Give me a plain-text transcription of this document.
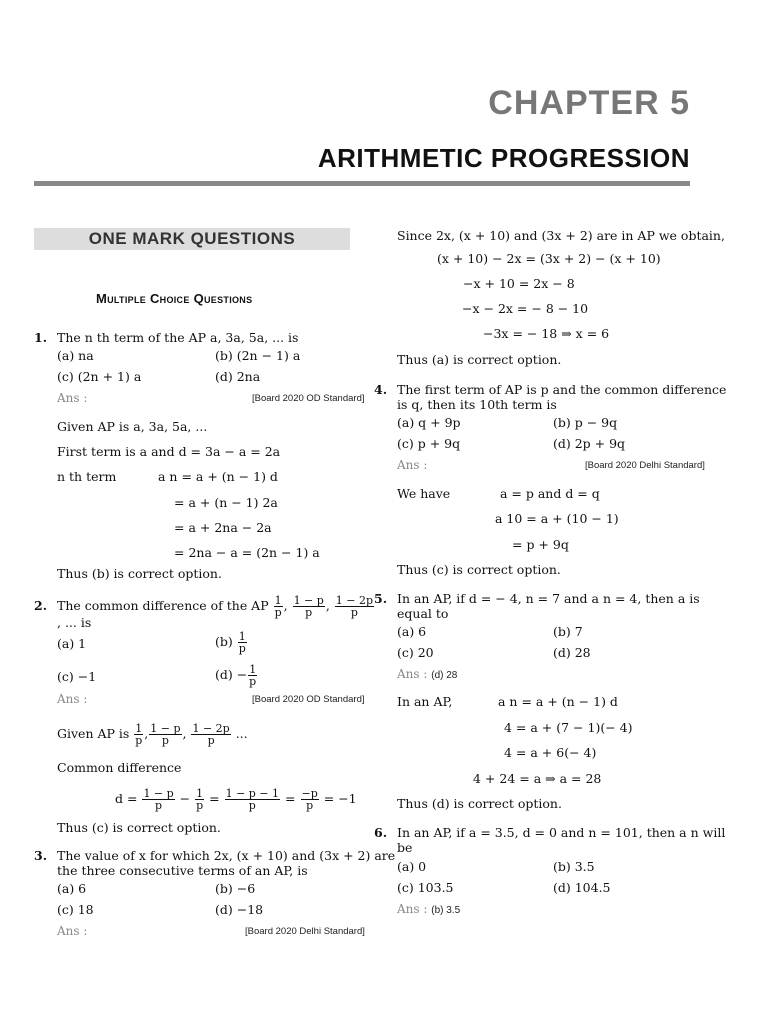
CHAPTER 5
ARITHMETIC PROGRESSION
ONE MARK QUESTIONS
Multiple Choice Questions
1. The n th term of the AP a, 3a, 5a, ... is
(a) na	(b) (2n − 1) a
(c) (2n + 1) a	(d) 2na
Ans :	[Board 2020 OD Standard]
Given AP is a, 3a, 5a, ...
First term is a and d = 3a − a = 2a
n th term	a n = a + (n − 1) d
= a + (n − 1) 2a
= a + 2na − 2a
= 2na − a = (2n − 1) a
Thus (b) is correct option.
2. The common difference of the AP $\frac{1}{p}$ , $\frac{1 - p}{p}$ , $\frac{1 - 2p}{p}$
, ... is
(a) 1	$(b) \frac{1}{p}$
(c) −1	$(d) - \frac{1}{p}$
Ans :	[Board 2020 OD Standard]
Given AP is $\frac{1}{p}$ , $\frac{1 - p}{p}$ , $\frac{1 - 2p}{p}$ ...
Common difference
$d = \frac{1 - p}{p} - \frac{1}{p} = \frac{1 - p - 1}{p} = \frac{-p}{p} = -1$
Thus (c) is correct option.
3. The value of x for which 2x, (x + 10) and (3x + 2) are
the three consecutive terms of an AP, is
(a) 6	(b) −6
(c) 18	(d) −18
Ans :	[Board 2020 Delhi Standard]
Since 2x, (x + 10) and (3x + 2) are in AP we obtain,
(x + 10) − 2x = (3x + 2) − (x + 10)
−x + 10 = 2x − 8
−x − 2x = − 8 − 10
−3x = − 18 ⇒ x = 6
Thus (a) is correct option.
4. The first term of AP is p and the common difference
is q, then its 10th term is
(a) q + 9p	(b) p − 9q
(c) p + 9q	(d) 2p + 9q
Ans :	[Board 2020 Delhi Standard]
We have	a = p and d = q
a 10 = a + (10 − 1)
= p + 9q
Thus (c) is correct option.
5. In an AP, if d = − 4, n = 7 and a n = 4, then a is
equal to
(a) 6	(b) 7
(c) 20	(d) 28
Ans : (d) 28
In an AP,	a n = a + (n − 1) d
4 = a + (7 − 1)(− 4)
4 = a + 6(− 4)
4 + 24 = a ⇒ a = 28
Thus (d) is correct option.
6. In an AP, if a = 3.5, d = 0 and n = 101, then a n will
be
(a) 0	(b) 3.5
(c) 103.5	(d) 104.5
Ans : (b) 3.5
